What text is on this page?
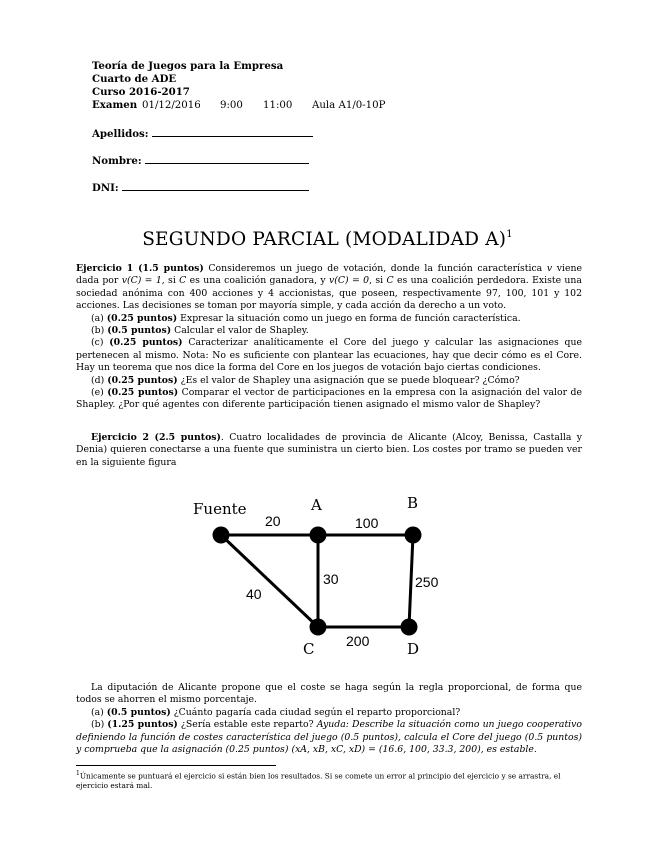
Teoría de Juegos para la Empresa
Cuarto de ADE
Curso 2016-2017
Examen 01/12/2016 9:00 11:00 Aula A1/0-10P
Apellidos:
Nombre:
DNI:
SEGUNDO PARCIAL (MODALIDAD A)$^1$
Ejercicio 1 (1.5 puntos) Consideremos un juego de votación, donde la función característica v viene dada por v(C) = 1, si C es una coalición ganadora, y v(C) = 0, si C es una coalición perdedora. Existe una sociedad anónima con 400 acciones y 4 accionistas, que poseen, respectivamente 97, 100, 101 y 102 acciones. Las decisiones se toman por mayoría simple, y cada acción da derecho a un voto.
(a) (0.25 puntos) Expresar la situación como un juego en forma de función característica.
(b) (0.5 puntos) Calcular el valor de Shapley.
(c) (0.25 puntos) Caracterizar analíticamente el Core del juego y calcular las asignaciones que pertenecen al mismo. Nota: No es suficiente con plantear las ecuaciones, hay que decir cómo es el Core. Hay un teorema que nos dice la forma del Core en los juegos de votación bajo ciertas condiciones.
(d) (0.25 puntos) ¿Es el valor de Shapley una asignación que se puede bloquear? ¿Cómo?
(e) (0.25 puntos) Comparar el vector de participaciones en la empresa con la asignación del valor de Shapley. ¿Por qué agentes con diferente participación tienen asignado el mismo valor de Shapley?
Ejercicio 2 (2.5 puntos). Cuatro localidades de provincia de Alicante (Alcoy, Benissa, Castalla y Denia) quieren conectarse a una fuente que suministra un cierto bien. Los costes por tramo se pueden ver en la siguiente figura
Fuente	A	B
C	D
20	100
40
30	250
200
La diputación de Alicante propone que el coste se haga según la regla proporcional, de forma que todos se ahorren el mismo porcentaje.
(a) (0.5 puntos) ¿Cuánto pagaría cada ciudad según el reparto proporcional?
(b) (1.25 puntos) ¿Sería estable este reparto? Ayuda: Describe la situación como un juego cooperativo definiendo la función de costes característica del juego (0.5 puntos), calcula el Core del juego (0.5 puntos) y comprueba que la asignación (0.25 puntos) (xA, xB, xC, xD) = (16.6, 100, 33.3, 200), es estable.
$^1$Únicamente se puntuará el ejercicio si están bien los resultados. Si se comete un error al principio del ejercicio y se arrastra, el ejercicio estará mal.
